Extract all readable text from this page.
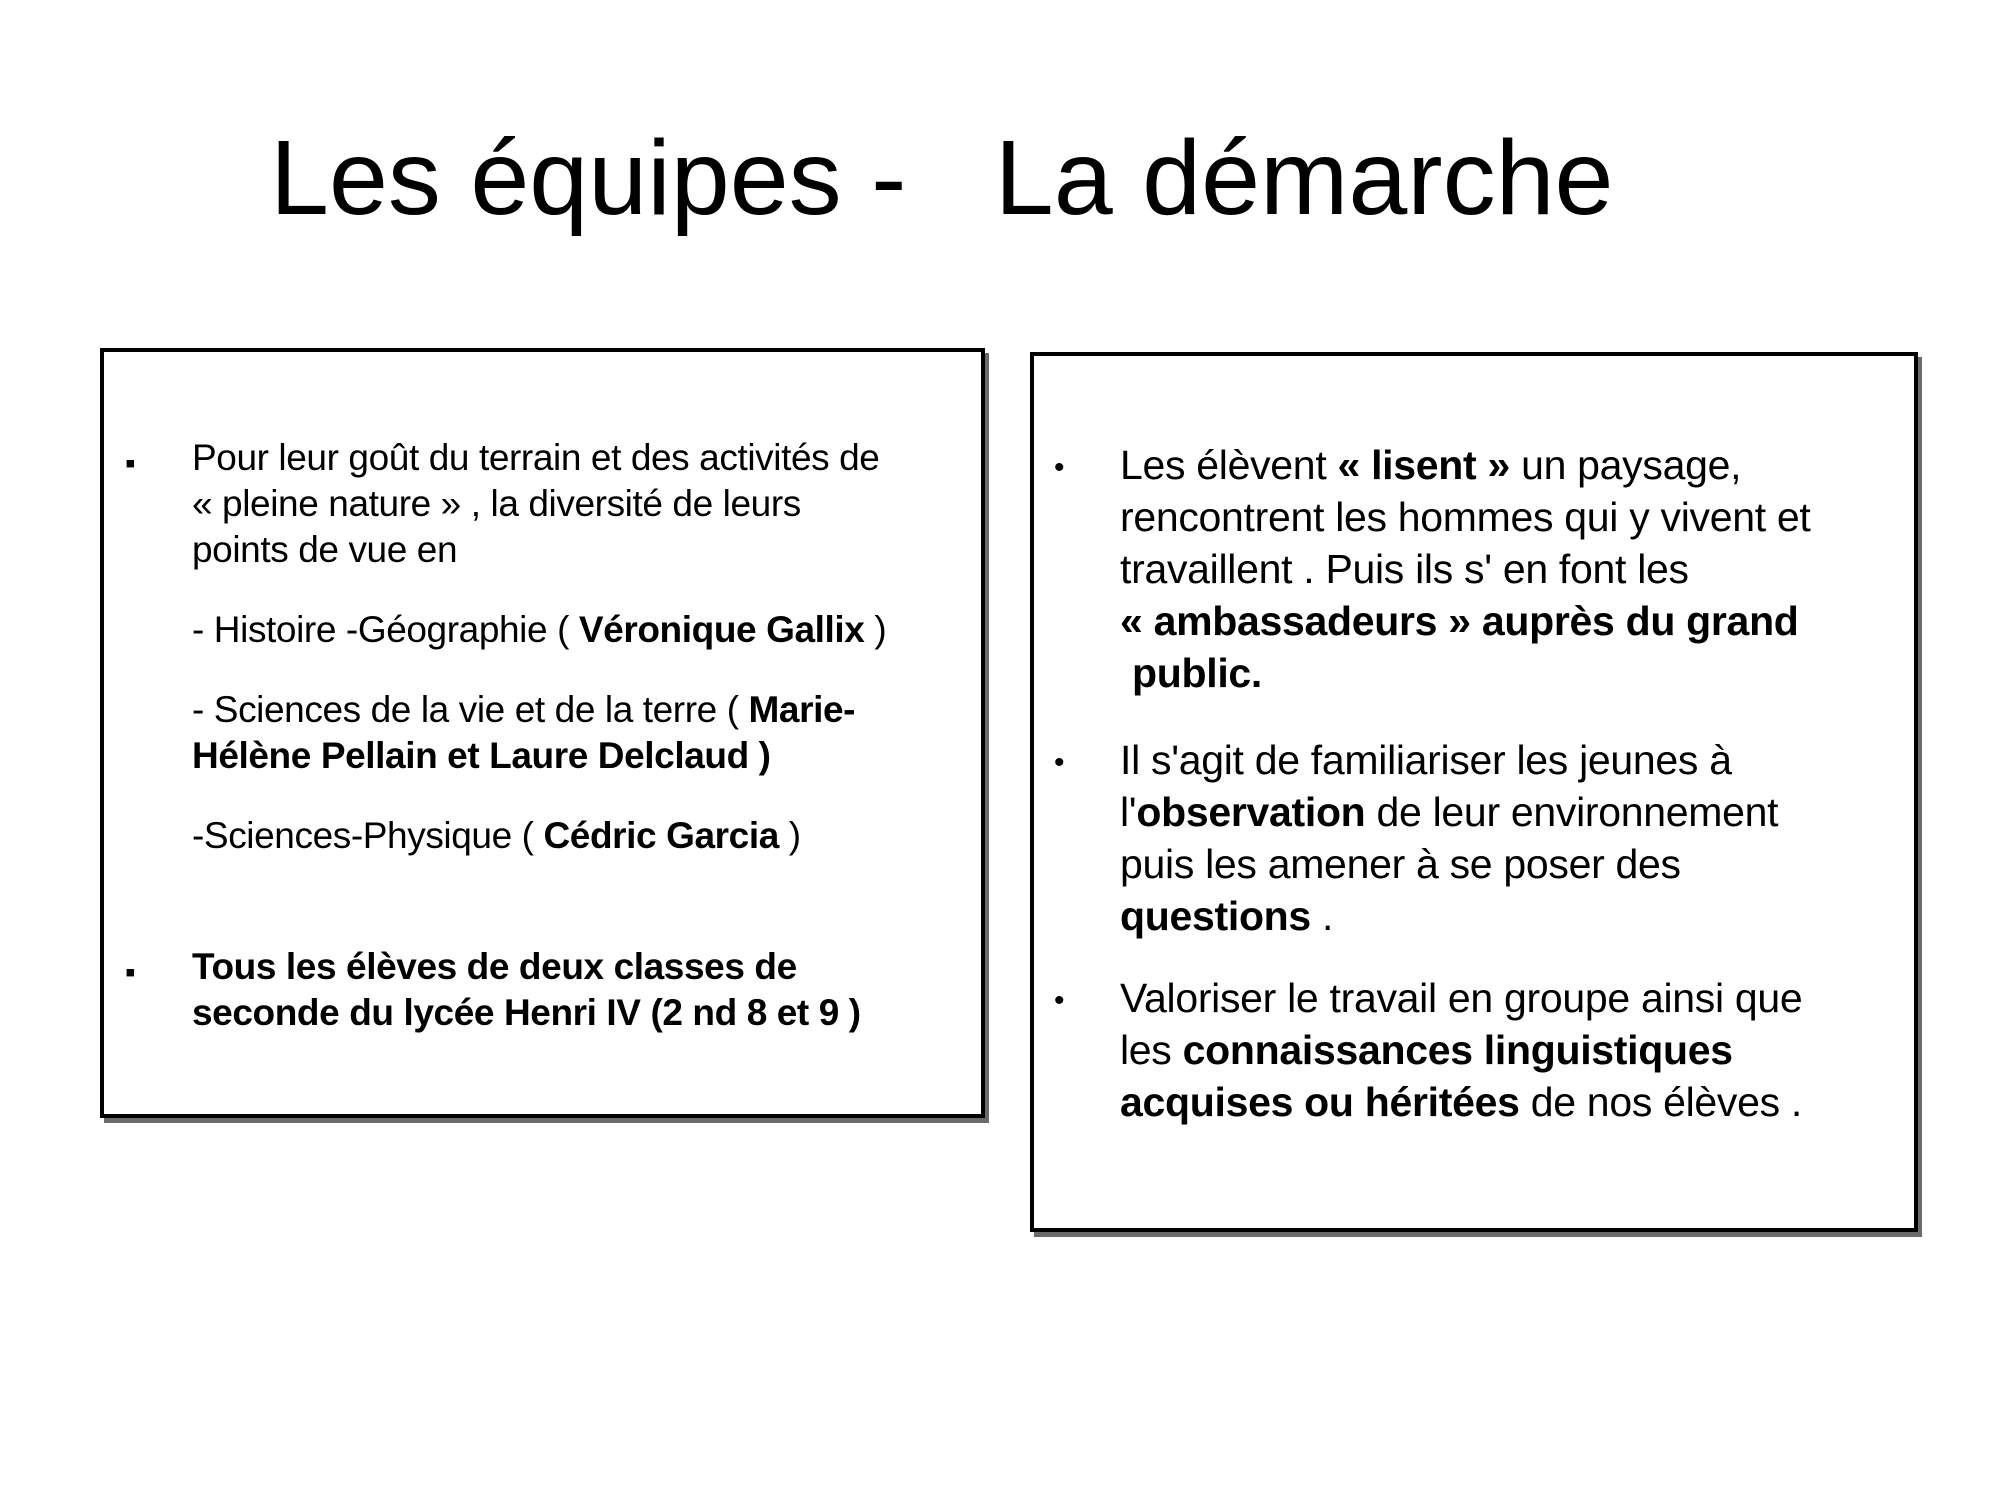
Les équipes -   La démarche
▪ Pour leur goût du terrain et des activités de

« pleine nature » , la diversité de leurs

points de vue en

- Histoire -Géographie ( Véronique Gallix )

- Sciences de la vie et de la terre ( Marie-

Hélène Pellain et Laure Delclaud )

-Sciences-Physique ( Cédric Garcia )

▪ Tous les élèves de deux classes de

seconde du lycée Henri IV (2 nd 8 et 9 )

• Les élèvent « lisent » un paysage,

rencontrent les hommes qui y vivent et

travaillent . Puis ils s' en font les

« ambassadeurs » auprès du grand

public.

• Il s'agit de familiariser les jeunes à

l'observation de leur environnement

puis les amener à se poser des

questions .

• Valoriser le travail en groupe ainsi que

les connaissances linguistiques

acquises ou héritées de nos élèves .
